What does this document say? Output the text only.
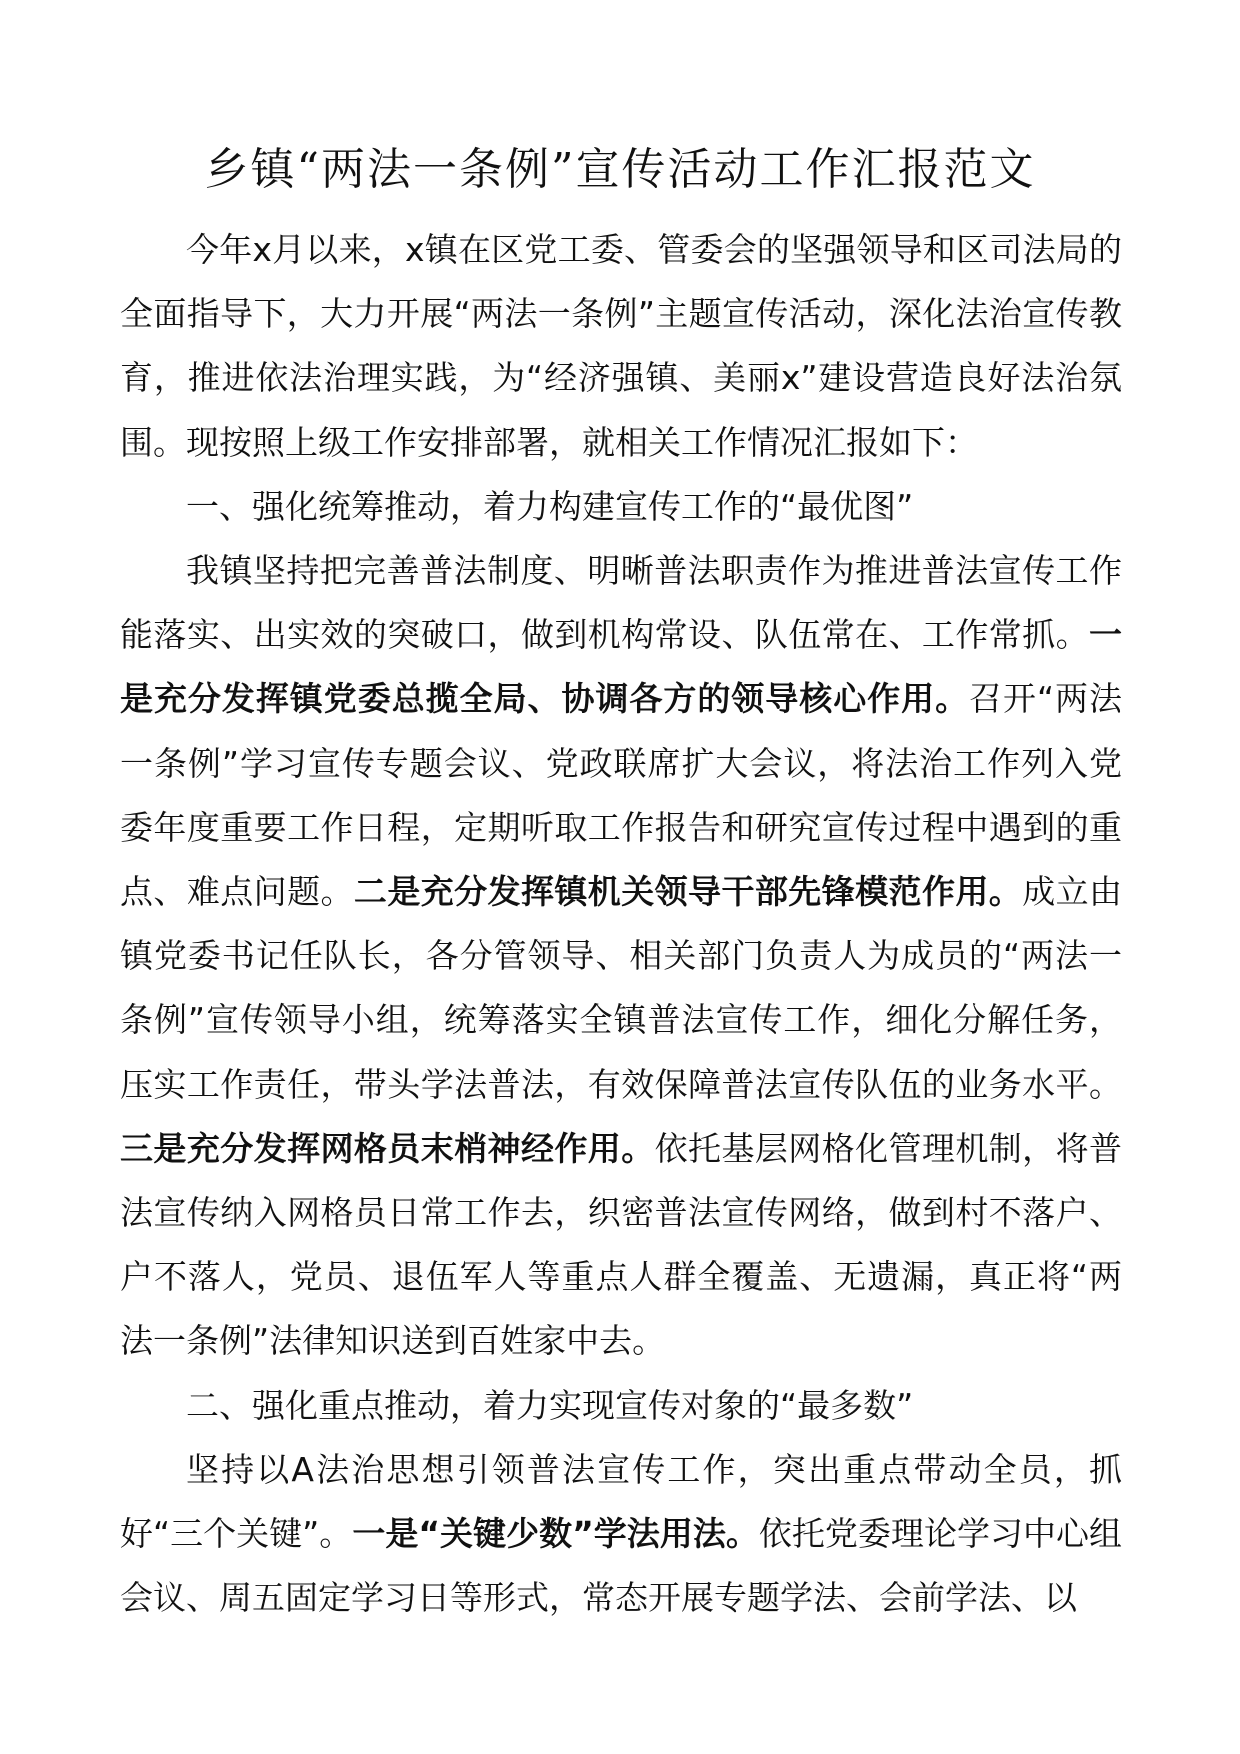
乡镇“两法一条例”宣传活动工作汇报范文

今年x月以来，x镇在区党工委、管委会的坚强领导和区司法局的全面指导下，大力开展“两法一条例”主题宣传活动，深化法治宣传教育，推进依法治理实践，为“经济强镇、美丽x”建设营造良好法治氛围。现按照上级工作安排部署，就相关工作情况汇报如下：

一、强化统筹推动，着力构建宣传工作的“最优图”

我镇坚持把完善普法制度、明晰普法职责作为推进普法宣传工作能落实、出实效的突破口，做到机构常设、队伍常在、工作常抓。一是充分发挥镇党委总揽全局、协调各方的领导核心作用。召开“两法一条例”学习宣传专题会议、党政联席扩大会议，将法治工作列入党委年度重要工作日程，定期听取工作报告和研究宣传过程中遇到的重点、难点问题。二是充分发挥镇机关领导干部先锋模范作用。成立由镇党委书记任队长，各分管领导、相关部门负责人为成员的“两法一条例”宣传领导小组，统筹落实全镇普法宣传工作，细化分解任务，压实工作责任，带头学法普法，有效保障普法宣传队伍的业务水平。三是充分发挥网格员末梢神经作用。依托基层网格化管理机制，将普法宣传纳入网格员日常工作去，织密普法宣传网络，做到村不落户、户不落人，党员、退伍军人等重点人群全覆盖、无遗漏，真正将“两法一条例”法律知识送到百姓家中去。

二、强化重点推动，着力实现宣传对象的“最多数”

坚持以A法治思想引领普法宣传工作，突出重点带动全员，抓好“三个关键”。一是“关键少数”学法用法。依托党委理论学习中心组会议、周五固定学习日等形式，常态开展专题学法、会前学法、以
